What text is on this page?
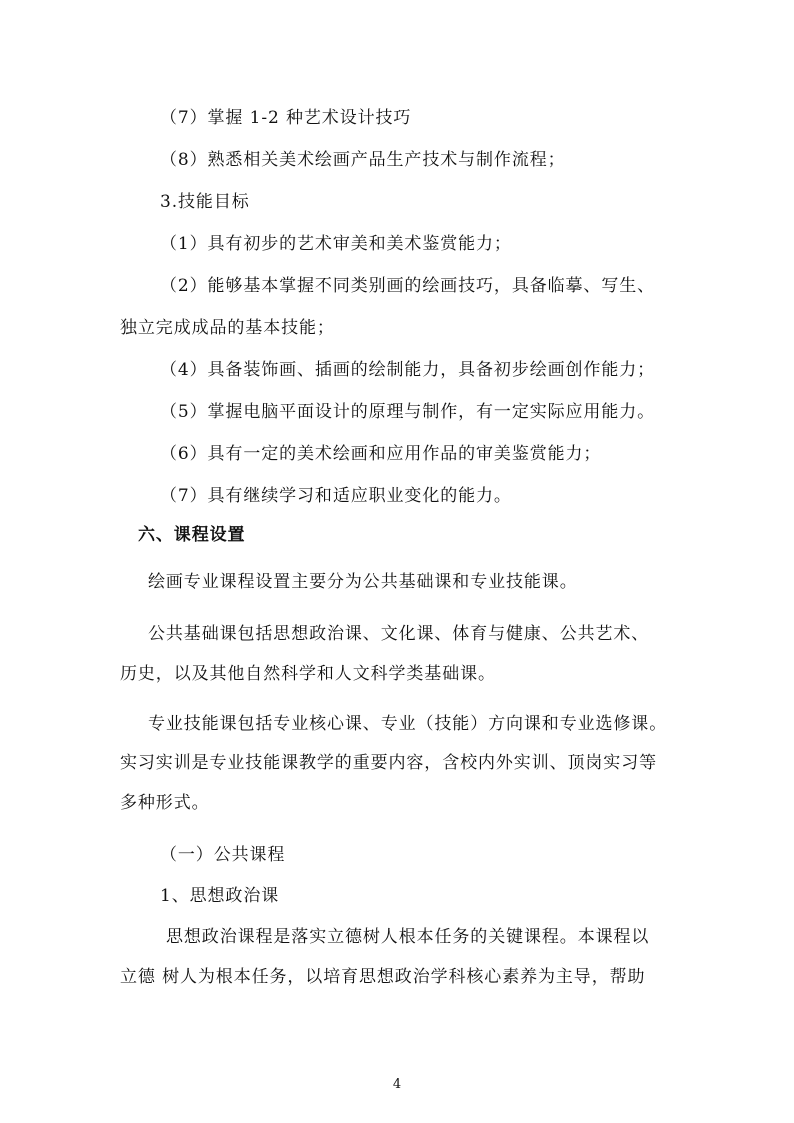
（7）掌握 1-2 种艺术设计技巧
（8）熟悉相关美术绘画产品生产技术与制作流程；
3.技能目标
（1）具有初步的艺术审美和美术鉴赏能力；
（2）能够基本掌握不同类别画的绘画技巧，具备临摹、写生、
独立完成成品的基本技能；
（4）具备装饰画、插画的绘制能力，具备初步绘画创作能力；
（5）掌握电脑平面设计的原理与制作，有一定实际应用能力。
（6）具有一定的美术绘画和应用作品的审美鉴赏能力；
（7）具有继续学习和适应职业变化的能力。
六、课程设置
绘画专业课程设置主要分为公共基础课和专业技能课。
公共基础课包括思想政治课、文化课、体育与健康、公共艺术、
历史，以及其他自然科学和人文科学类基础课。
专业技能课包括专业核心课、专业（技能）方向课和专业选修课。
实习实训是专业技能课教学的重要内容，含校内外实训、顶岗实习等
多种形式。
（一）公共课程
1、思想政治课
思想政治课程是落实立德树人根本任务的关键课程。本课程以
立德 树人为根本任务，以培育思想政治学科核心素养为主导，帮助
4
